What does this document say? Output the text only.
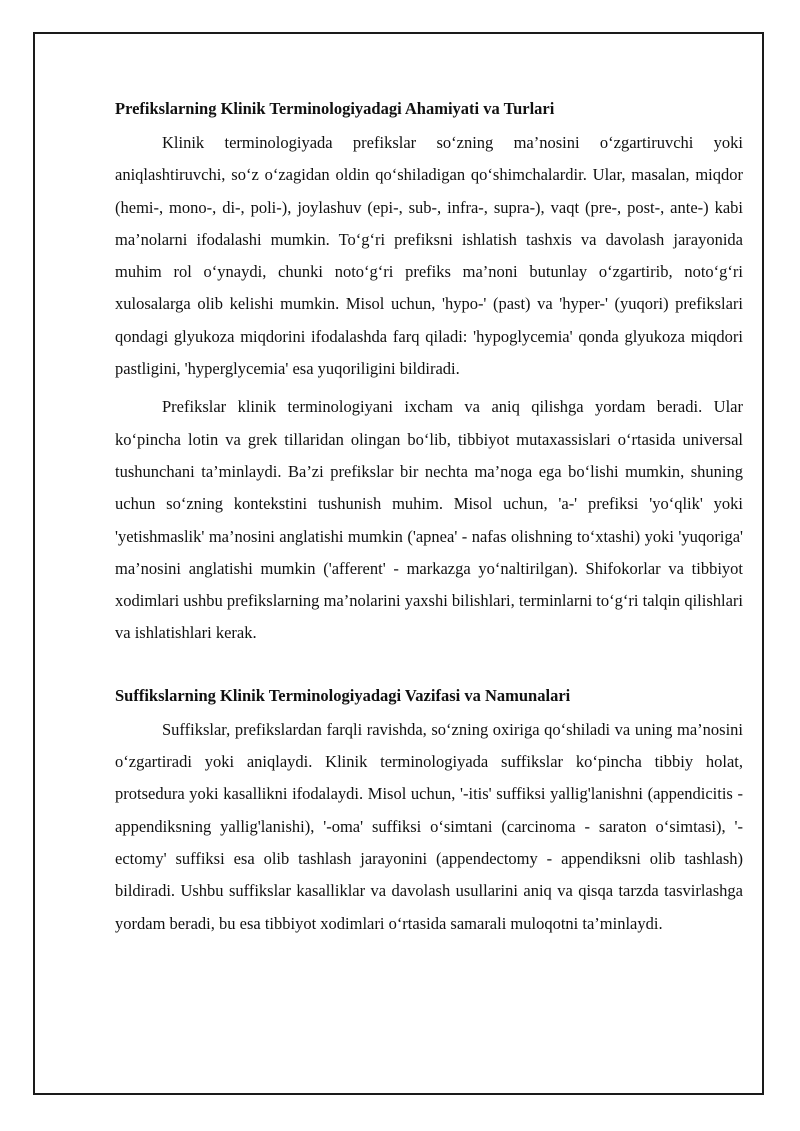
Prefikslarning Klinik Terminologiyadagi Ahamiyati va Turlari

Klinik terminologiyada prefikslar so‘zning ma’nosini o‘zgartiruvchi yoki aniqlashtiruvchi, so‘z o‘zagidan oldin qo‘shiladigan qo‘shimchalardir. Ular, masalan, miqdor (hemi-, mono-, di-, poli-), joylashuv (epi-, sub-, infra-, supra-), vaqt (pre-, post-, ante-) kabi ma’nolarni ifodalashi mumkin. To‘g‘ri prefiksni ishlatish tashxis va davolash jarayonida muhim rol o‘ynaydi, chunki noto‘g‘ri prefiks ma’noni butunlay o‘zgartirib, noto‘g‘ri xulosalarga olib kelishi mumkin. Misol uchun, 'hypo-' (past) va 'hyper-' (yuqori) prefikslari qondagi glyukoza miqdorini ifodalashda farq qiladi: 'hypoglycemia' qonda glyukoza miqdori pastligini, 'hyperglycemia' esa yuqoriligini bildiradi.

Prefikslar klinik terminologiyani ixcham va aniq qilishga yordam beradi. Ular ko‘pincha lotin va grek tillaridan olingan bo‘lib, tibbiyot mutaxassislari o‘rtasida universal tushunchani ta’minlaydi. Ba’zi prefikslar bir nechta ma’noga ega bo‘lishi mumkin, shuning uchun so‘zning kontekstini tushunish muhim. Misol uchun, 'a-' prefiksi 'yo‘qlik' yoki 'yetishmaslik' ma’nosini anglatishi mumkin ('apnea' - nafas olishning to‘xtashi) yoki 'yuqoriga' ma’nosini anglatishi mumkin ('afferent' - markazga yo‘naltirilgan). Shifokorlar va tibbiyot xodimlari ushbu prefikslarning ma’nolarini yaxshi bilishlari, terminlarni to‘g‘ri talqin qilishlari va ishlatishlari kerak.

Suffikslarning Klinik Terminologiyadagi Vazifasi va Namunalari

Suffikslar, prefikslardan farqli ravishda, so‘zning oxiriga qo‘shiladi va uning ma’nosini o‘zgartiradi yoki aniqlaydi. Klinik terminologiyada suffikslar ko‘pincha tibbiy holat, protsedura yoki kasallikni ifodalaydi. Misol uchun, '-itis' suffiksi yallig'lanishni (appendicitis - appendiksning yallig'lanishi), '-oma' suffiksi o‘simtani (carcinoma - saraton o‘simtasi), '-ectomy' suffiksi esa olib tashlash jarayonini (appendectomy - appendiksni olib tashlash) bildiradi. Ushbu suffikslar kasalliklar va davolash usullarini aniq va qisqa tarzda tasvirlashga yordam beradi, bu esa tibbiyot xodimlari o‘rtasida samarali muloqotni ta’minlaydi.
